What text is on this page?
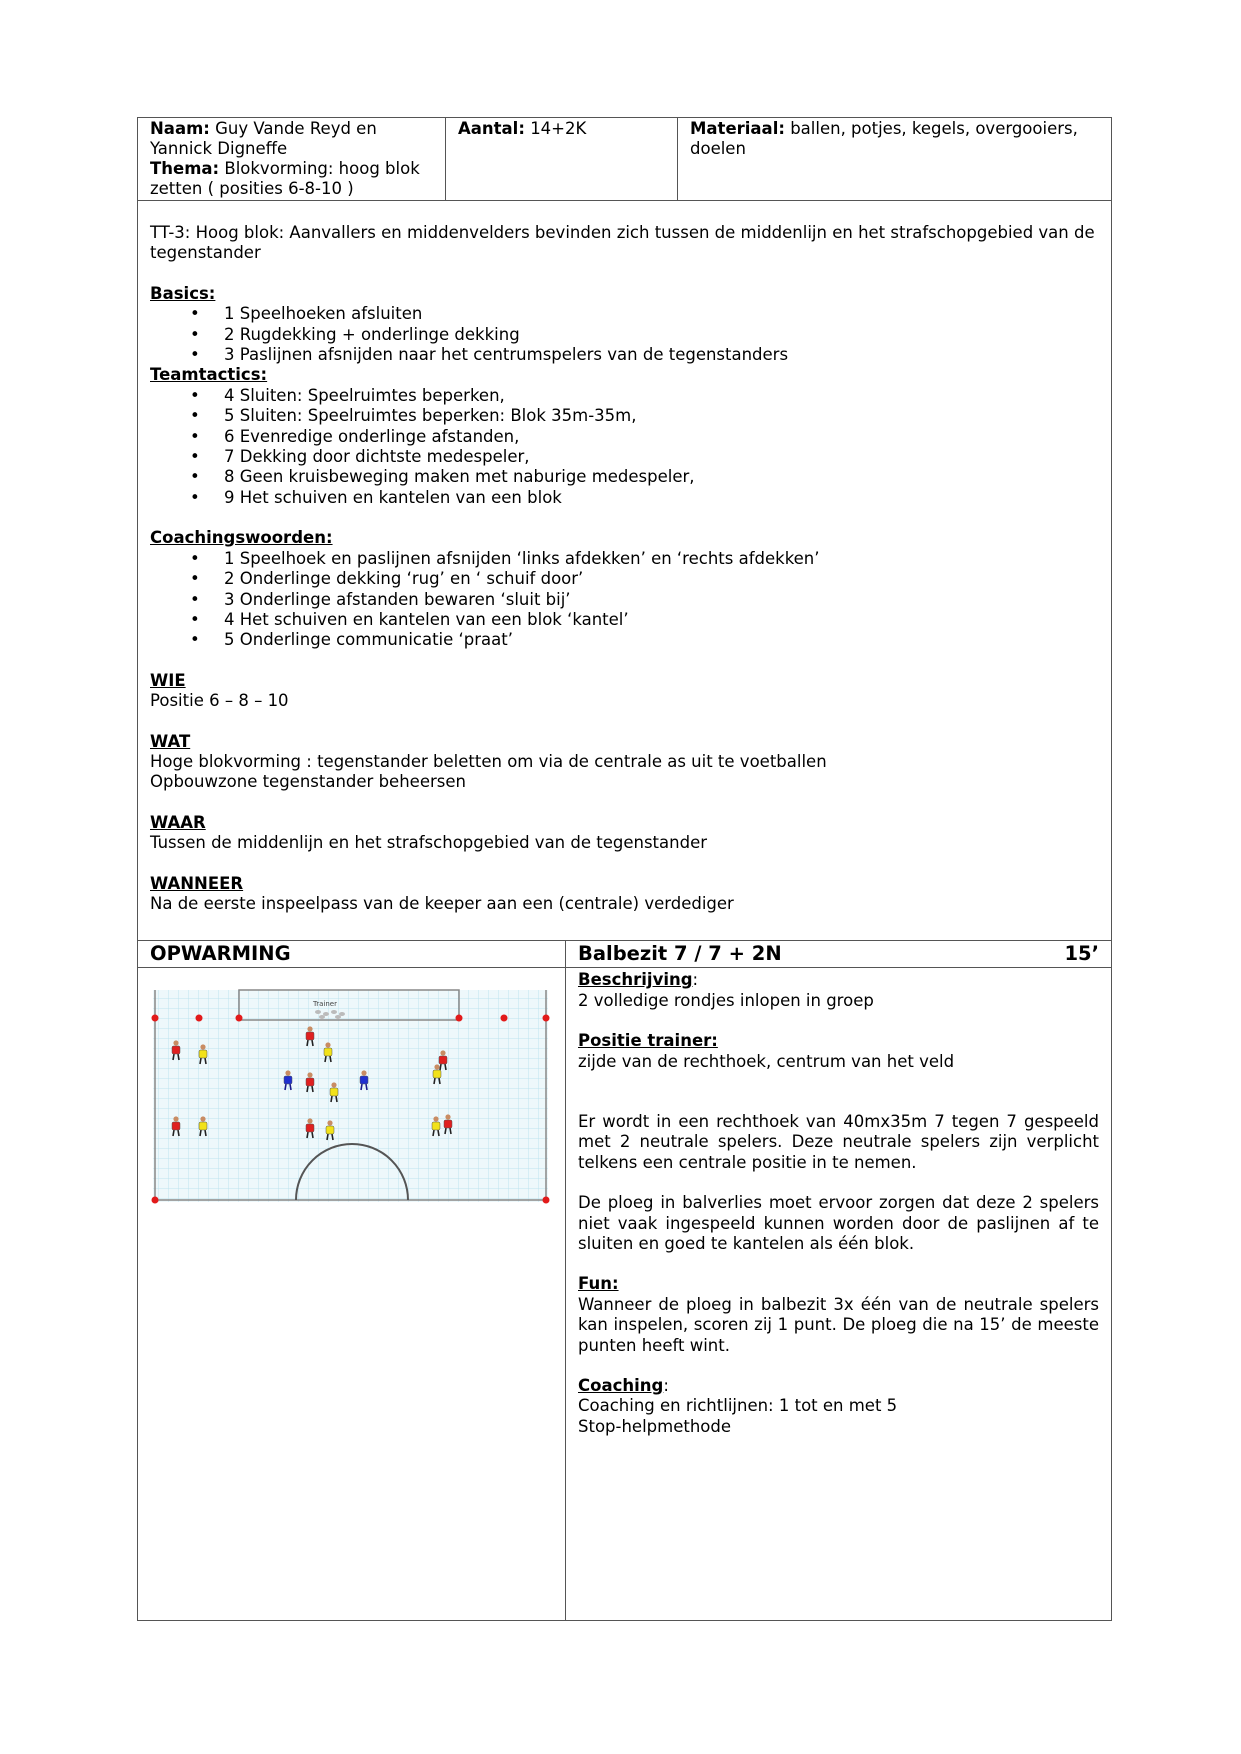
Naam: Guy Vande Reyd en Yannick Digneffe
Thema: Blokvorming: hoog blok zetten ( posities 6-8-10 )
Aantal: 14+2K	Materiaal: ballen, potjes, kegels, overgooiers, doelen
TT-3: Hoog blok: Aanvallers en middenvelders bevinden zich tussen de middenlijn en het strafschopgebied van de tegenstander
Basics:
• 1 Speelhoeken afsluiten
• 2 Rugdekking + onderlinge dekking
• 3 Paslijnen afsnijden naar het centrumspelers van de tegenstanders
Teamtactics:
• 4 Sluiten: Speelruimtes beperken,
• 5 Sluiten: Speelruimtes beperken: Blok 35m-35m,
• 6 Evenredige onderlinge afstanden,
• 7 Dekking door dichtste medespeler,
• 8 Geen kruisbeweging maken met naburige medespeler,
• 9 Het schuiven en kantelen van een blok
Coachingswoorden:
• 1 Speelhoek en paslijnen afsnijden ‘links afdekken’ en ‘rechts afdekken’
• 2 Onderlinge dekking ‘rug’ en ‘ schuif door’
• 3 Onderlinge afstanden bewaren ‘sluit bij’
• 4 Het schuiven en kantelen van een blok ‘kantel’
• 5 Onderlinge communicatie ‘praat’
WIE
Positie 6 – 8 – 10
WAT
Hoge blokvorming : tegenstander beletten om via de centrale as uit te voetballen
Opbouwzone tegenstander beheersen
WAAR
Tussen de middenlijn en het strafschopgebied van de tegenstander
WANNEER
Na de eerste inspeelpass van de keeper aan een (centrale) verdediger
OPWARMING	Balbezit 7 / 7 + 2N	15’
Trainer
Beschrijving:
2 volledige rondjes inlopen in groep
Positie trainer:
zijde van de rechthoek, centrum van het veld
Er wordt in een rechthoek van 40mx35m 7 tegen 7 gespeeld met 2 neutrale spelers. Deze neutrale spelers zijn verplicht telkens een centrale positie in te nemen.
De ploeg in balverlies moet ervoor zorgen dat deze 2 spelers niet vaak ingespeeld kunnen worden door de paslijnen af te sluiten en goed te kantelen als één blok.
Fun:
Wanneer de ploeg in balbezit 3x één van de neutrale spelers kan inspelen, scoren zij 1 punt. De ploeg die na 15’ de meeste punten heeft wint.
Coaching:
Coaching en richtlijnen: 1 tot en met 5
Stop-helpmethode
